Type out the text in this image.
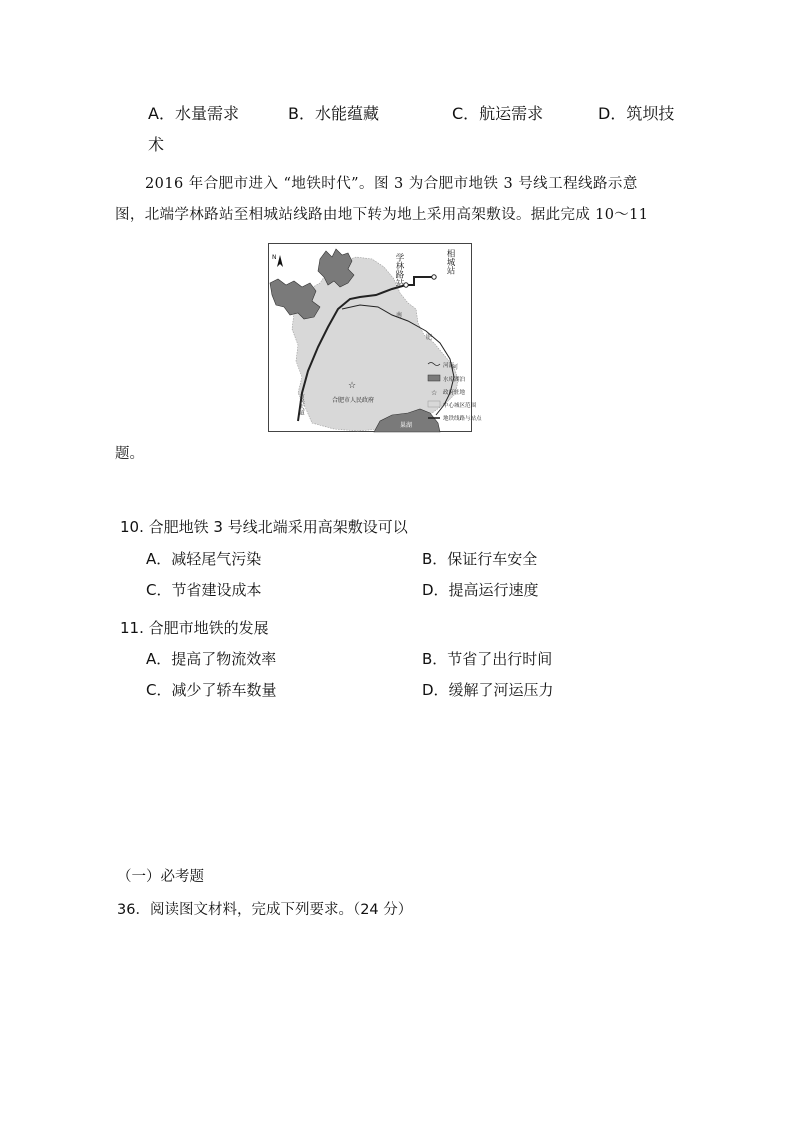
A．水量需求	B．水能蕴藏	C．航运需求	D．筑坝技
术
2016 年合肥市进入 “地铁时代”。图 3 为合肥市地铁 3 号线工程线路示意
图，北端学林路站至相城站线路由地下转为地上采用高架敷设。据此完成 10～11
题。
☆
N	学林路站	相城站
南
肥
河
合肥市人民政府
方兴大道
巢湖
河流
水库湖泊
☆ 政府驻地
中心城区范围
地铁线路与站点
10. 合肥地铁 3 号线北端采用高架敷设可以
A．减轻尾气污染	B．保证行车安全
C．节省建设成本	D．提高运行速度
11. 合肥市地铁的发展
A．提高了物流效率	B．节省了出行时间
C．减少了轿车数量	D．缓解了河运压力
（一）必考题
36．阅读图文材料，完成下列要求。（24 分）
